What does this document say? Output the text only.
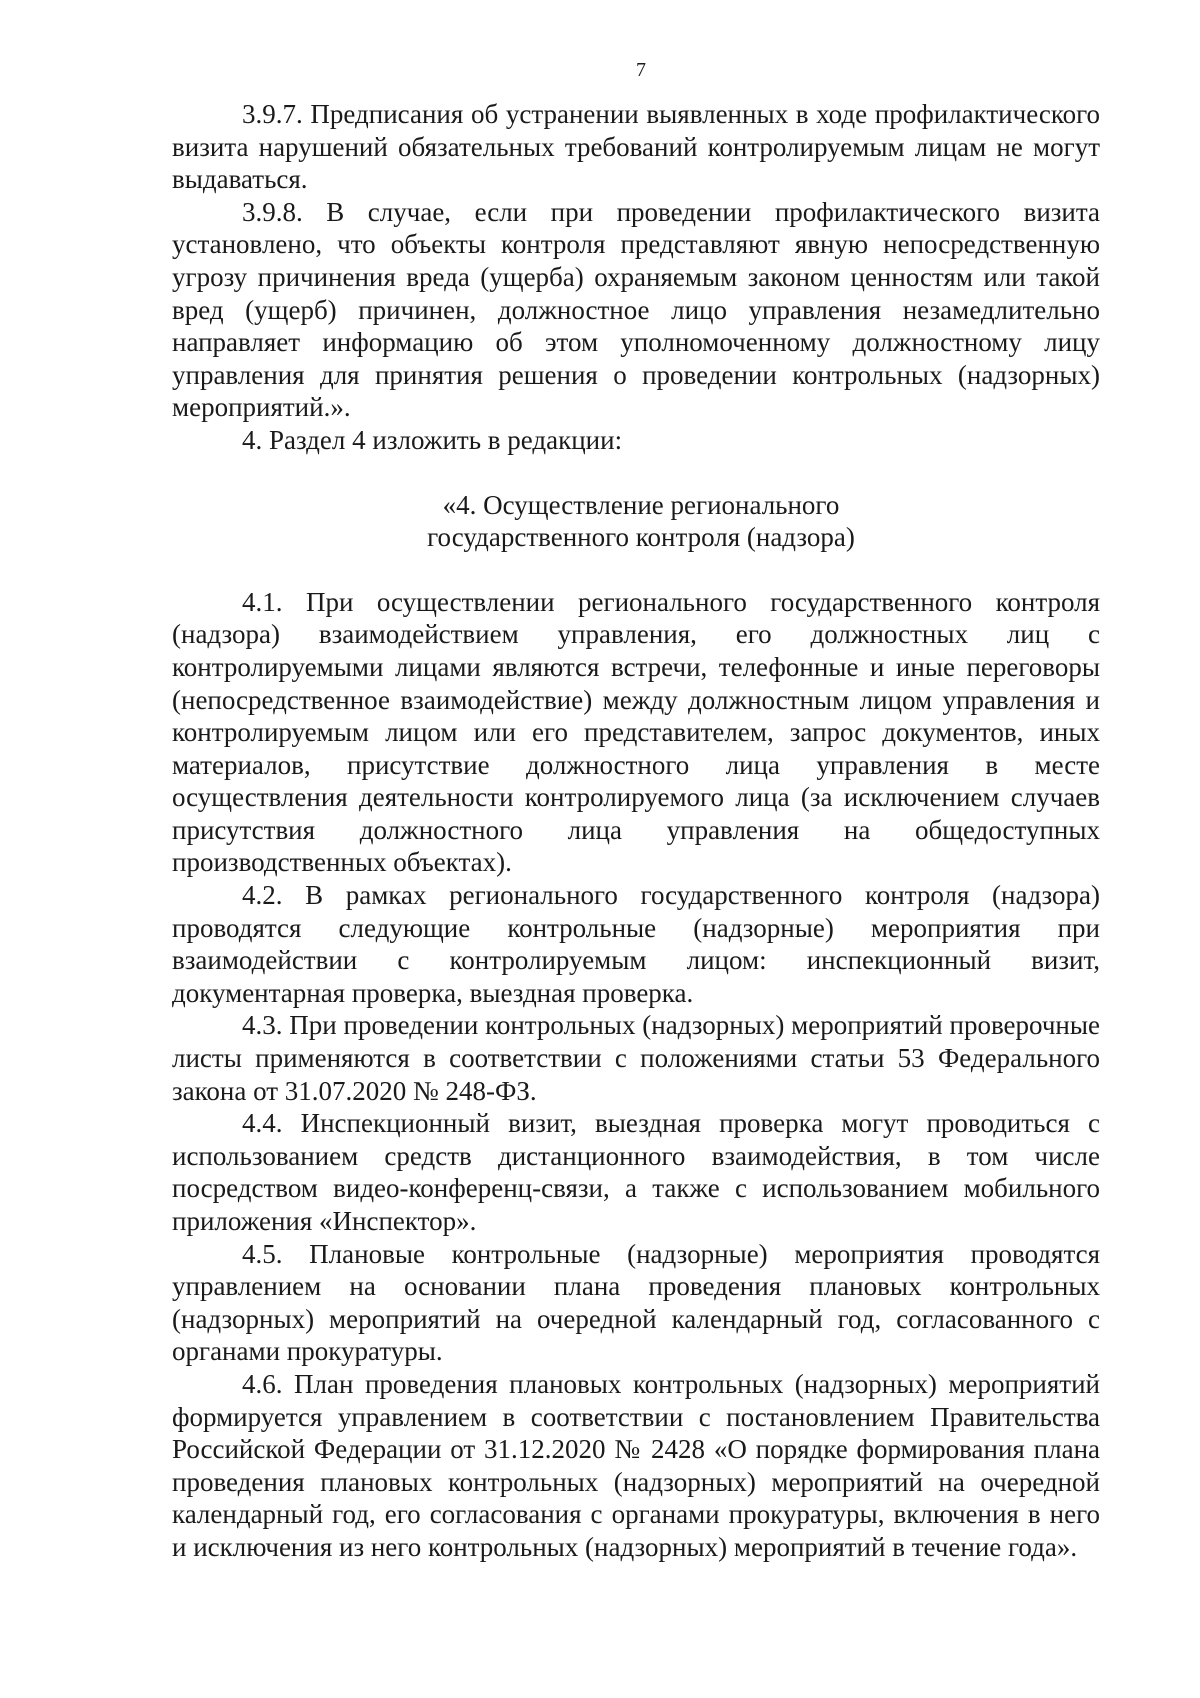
7

3.9.7. Предписания об устранении выявленных в ходе профилактического визита нарушений обязательных требований контролируемым лицам не могут выдаваться.

3.9.8. В случае, если при проведении профилактического визита установлено, что объекты контроля представляют явную непосредственную угрозу причинения вреда (ущерба) охраняемым законом ценностям или такой вред (ущерб) причинен, должностное лицо управления незамедлительно направляет информацию об этом уполномоченному должностному лицу управления для принятия решения о проведении контрольных (надзорных) мероприятий.».

4. Раздел 4 изложить в редакции:

«4. Осуществление регионального
государственного контроля (надзора)

4.1. При осуществлении регионального государственного контроля (надзора) взаимодействием управления, его должностных лиц с контролируемыми лицами являются встречи, телефонные и иные переговоры (непосредственное взаимодействие) между должностным лицом управления и контролируемым лицом или его представителем, запрос документов, иных материалов, присутствие должностного лица управления в месте осуществления деятельности контролируемого лица (за исключением случаев присутствия должностного лица управления на общедоступных производственных объектах).

4.2. В рамках регионального государственного контроля (надзора) проводятся следующие контрольные (надзорные) мероприятия при взаимодействии с контролируемым лицом: инспекционный визит, документарная проверка, выездная проверка.

4.3. При проведении контрольных (надзорных) мероприятий проверочные листы применяются в соответствии с положениями статьи 53 Федерального закона от 31.07.2020 № 248-ФЗ.

4.4. Инспекционный визит, выездная проверка могут проводиться с использованием средств дистанционного взаимодействия, в том числе посредством видео-конференц-связи, а также с использованием мобильного приложения «Инспектор».

4.5. Плановые контрольные (надзорные) мероприятия проводятся управлением на основании плана проведения плановых контрольных (надзорных) мероприятий на очередной календарный год, согласованного с органами прокуратуры.

4.6. План проведения плановых контрольных (надзорных) мероприятий формируется управлением в соответствии с постановлением Правительства Российской Федерации от 31.12.2020 № 2428 «О порядке формирования плана проведения плановых контрольных (надзорных) мероприятий на очередной календарный год, его согласования с органами прокуратуры, включения в него и исключения из него контрольных (надзорных) мероприятий в течение года».
